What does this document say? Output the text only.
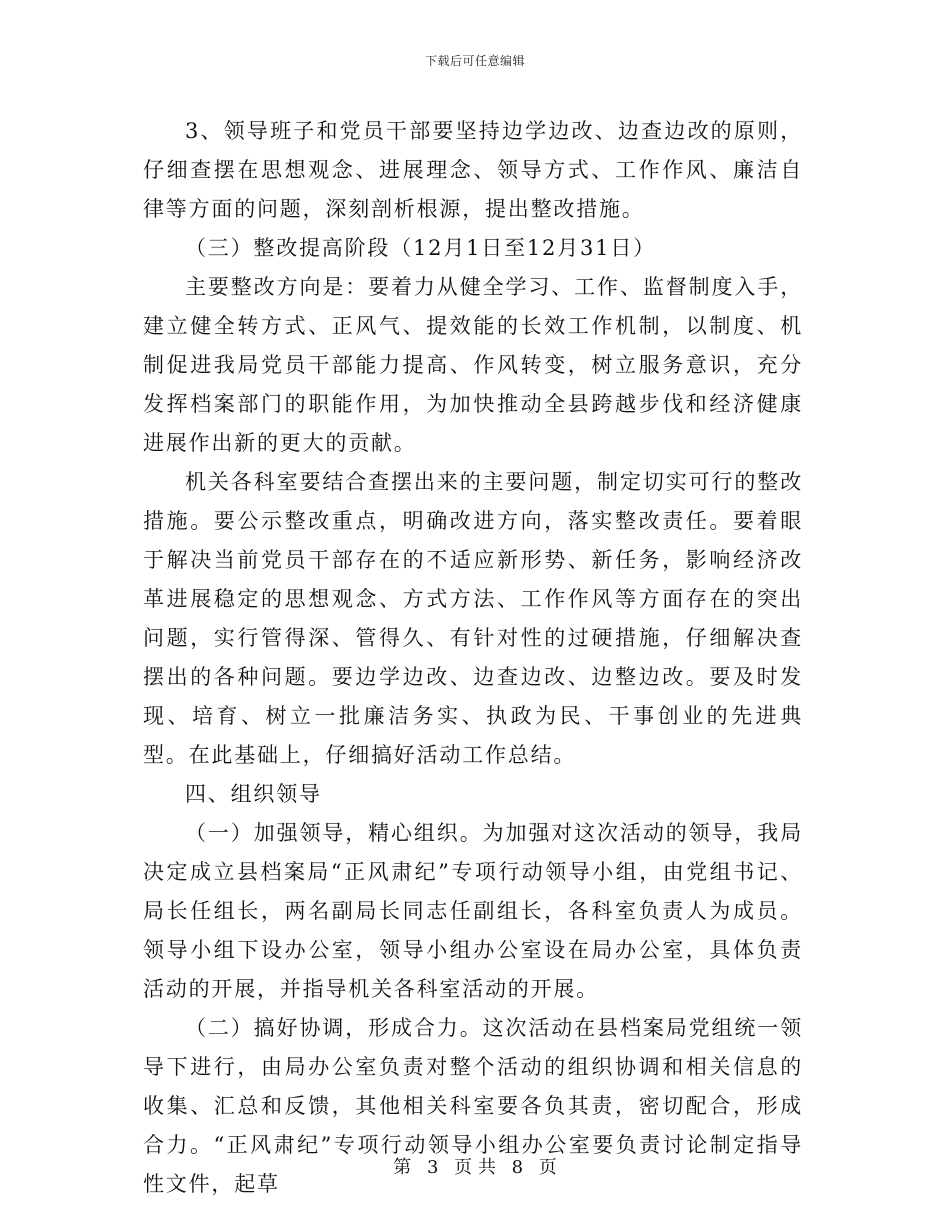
下载后可任意编辑

3、领导班子和党员干部要坚持边学边改、边查边改的原则，仔细查摆在思想观念、进展理念、领导方式、工作作风、廉洁自律等方面的问题，深刻剖析根源，提出整改措施。

（三）整改提高阶段（12月1日至12月31日）

主要整改方向是：要着力从健全学习、工作、监督制度入手，建立健全转方式、正风气、提效能的长效工作机制，以制度、机制促进我局党员干部能力提高、作风转变，树立服务意识，充分发挥档案部门的职能作用，为加快推动全县跨越步伐和经济健康进展作出新的更大的贡献。

机关各科室要结合查摆出来的主要问题，制定切实可行的整改措施。要公示整改重点，明确改进方向，落实整改责任。要着眼于解决当前党员干部存在的不适应新形势、新任务，影响经济改革进展稳定的思想观念、方式方法、工作作风等方面存在的突出问题，实行管得深、管得久、有针对性的过硬措施，仔细解决查摆出的各种问题。要边学边改、边查边改、边整边改。要及时发现、培育、树立一批廉洁务实、执政为民、干事创业的先进典型。在此基础上，仔细搞好活动工作总结。

四、组织领导

（一）加强领导，精心组织。为加强对这次活动的领导，我局决定成立县档案局“正风肃纪”专项行动领导小组，由党组书记、局长任组长，两名副局长同志任副组长，各科室负责人为成员。领导小组下设办公室，领导小组办公室设在局办公室，具体负责活动的开展，并指导机关各科室活动的开展。

（二）搞好协调，形成合力。这次活动在县档案局党组统一领导下进行，由局办公室负责对整个活动的组织协调和相关信息的收集、汇总和反馈，其他相关科室要各负其责，密切配合，形成合力。“正风肃纪”专项行动领导小组办公室要负责讨论制定指导性文件，起草

第 3 页 共 8 页
